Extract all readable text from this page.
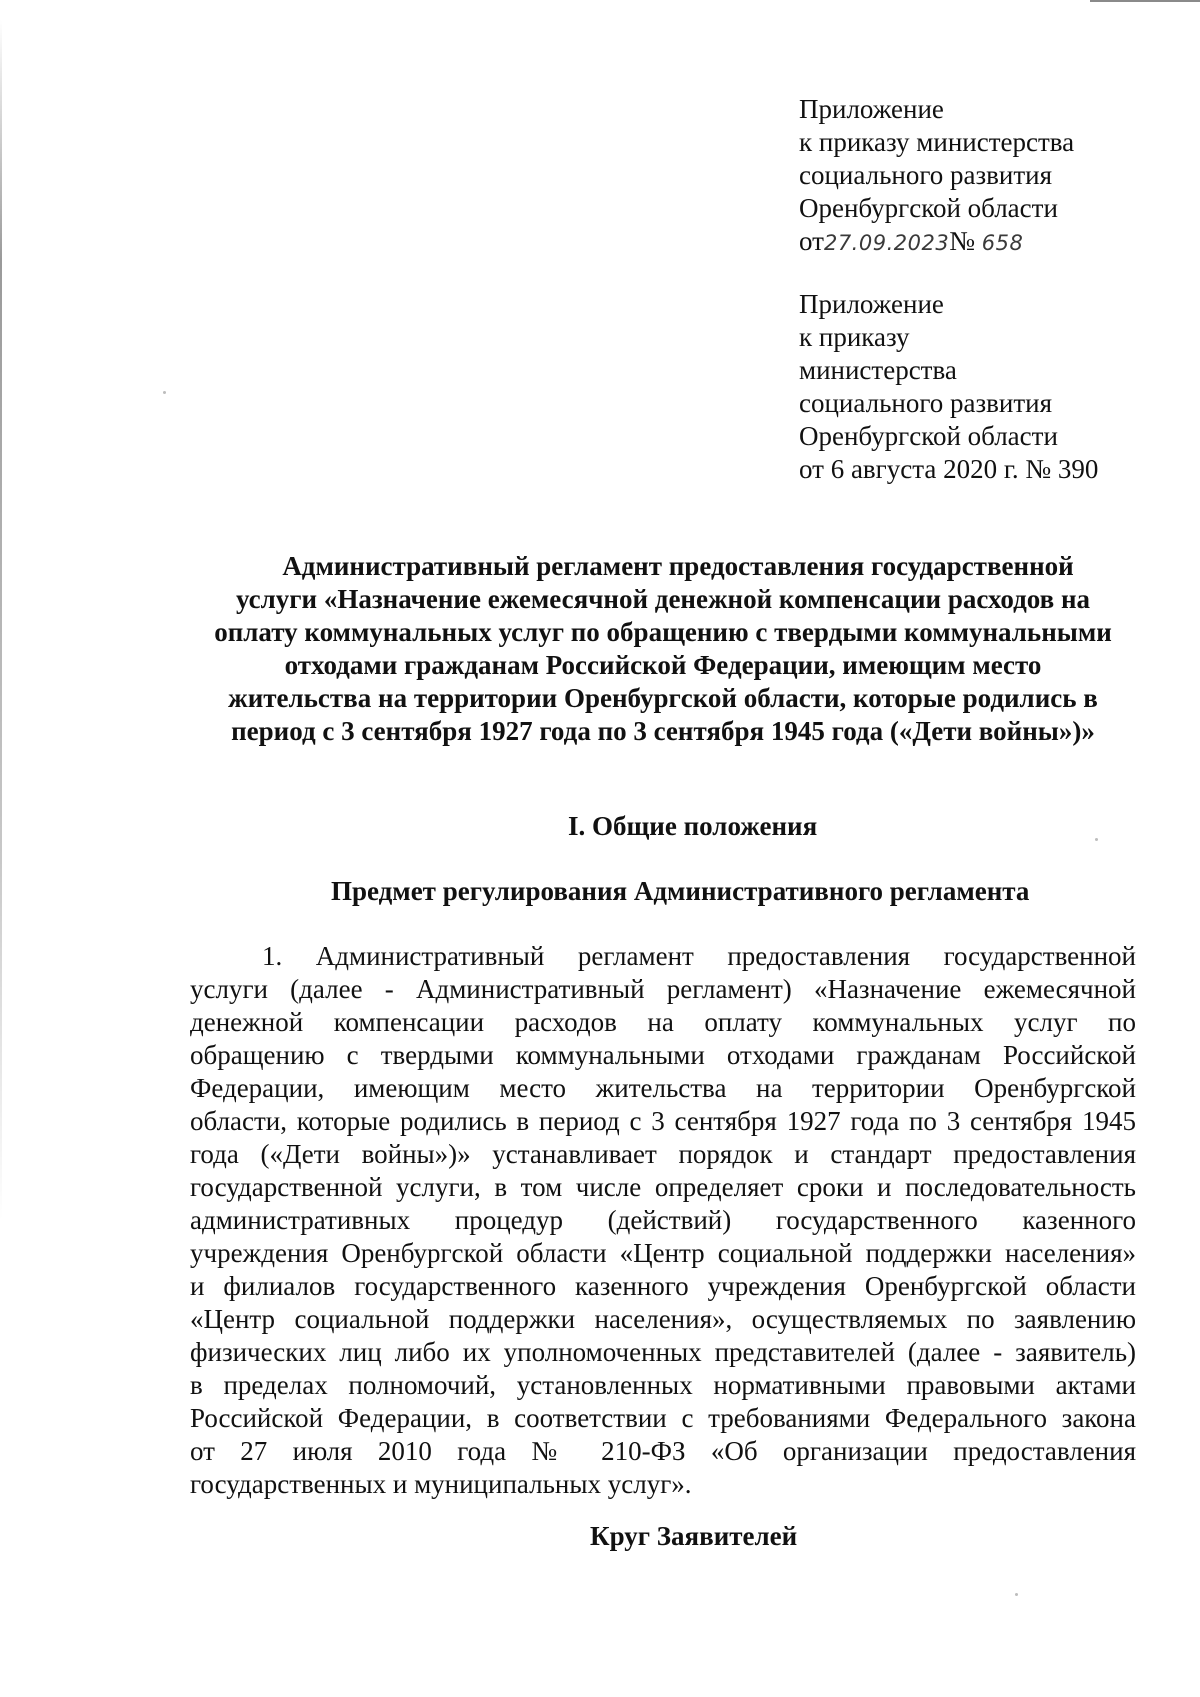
Приложение
к приказу министерства
социального развития
Оренбургской области
от27.09.2023№ 658
Приложение
к приказу
министерства
социального развития
Оренбургской области
от 6 августа 2020 г. № 390
Административный регламент предоставления государственной
услуги «Назначение ежемесячной денежной компенсации расходов на
оплату коммунальных услуг по обращению с твердыми коммунальными
отходами гражданам Российской Федерации, имеющим место
жительства на территории Оренбургской области, которые родились в
период с 3 сентября 1927 года по 3 сентября 1945 года («Дети войны»)»
I. Общие положения
Предмет регулирования Административного регламента
1. Административный регламент предоставления государственной
услуги (далее - Административный регламент) «Назначение ежемесячной
денежной компенсации расходов на оплату коммунальных услуг по
обращению с твердыми коммунальными отходами гражданам Российской
Федерации, имеющим место жительства на территории Оренбургской
области, которые родились в период с 3 сентября 1927 года по 3 сентября 1945
года («Дети войны»)» устанавливает порядок и стандарт предоставления
государственной услуги, в том числе определяет сроки и последовательность
административных процедур (действий) государственного казенного
учреждения Оренбургской области «Центр социальной поддержки населения»
и филиалов государственного казенного учреждения Оренбургской области
«Центр социальной поддержки населения», осуществляемых по заявлению
физических лиц либо их уполномоченных представителей (далее - заявитель)
в пределах полномочий, установленных нормативными правовыми актами
Российской Федерации, в соответствии с требованиями Федерального закона
от 27 июля 2010 года № 210-ФЗ «Об организации предоставления
государственных и муниципальных услуг».
Круг Заявителей
